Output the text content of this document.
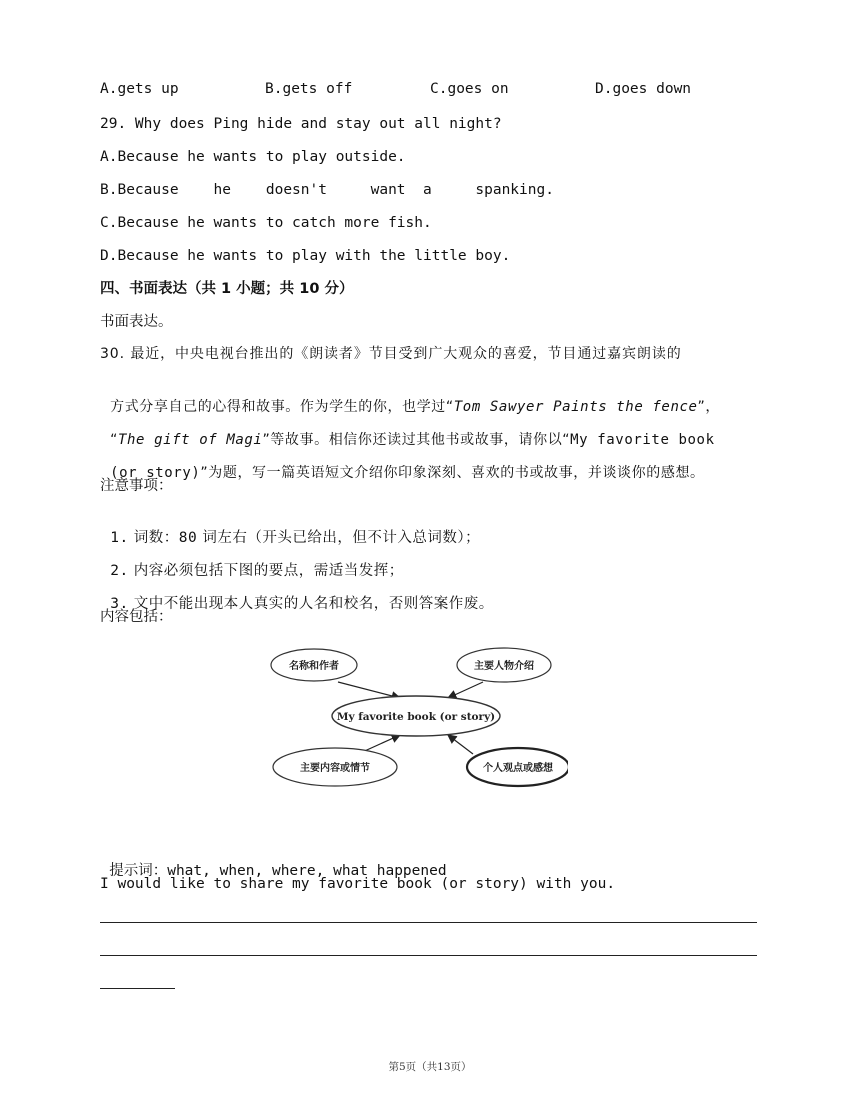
A.gets up	B.gets off	C.goes on	D.goes down
29. Why does Ping hide and stay out all night?
A.Because he wants to play outside.
B.Because    he    doesn't     want  a     spanking.
C.Because he wants to catch more fish.
D.Because he wants to play with the little boy.
四、书面表达（共 1 小题；共 10 分）
书面表达。
30. 最近，中央电视台推出的《朗读者》节目受到广大观众的喜爱，节目通过嘉宾朗读的

方式分享自己的心得和故事。作为学生的你，也学过“Tom Sawyer Paints the fence”，

“The gift of Magi”等故事。相信你还读过其他书或故事，请你以“My favorite book

(or story)”为题，写一篇英语短文介绍你印象深刻、喜欢的书或故事，并谈谈你的感想。

注意事项：

1. 词数：80 词左右（开头已给出，但不计入总词数）；

2. 内容必须包括下图的要点，需适当发挥；

3. 文中不能出现本人真实的人名和校名，否则答案作废。

内容包括：
名称和作者	主要人物介绍
My favorite book (or story)
主要内容或情节	个人观点或感想

提示词：what, when, where, what happened

I would like to share my favorite book (or story) with you.
第5页（共13页）
